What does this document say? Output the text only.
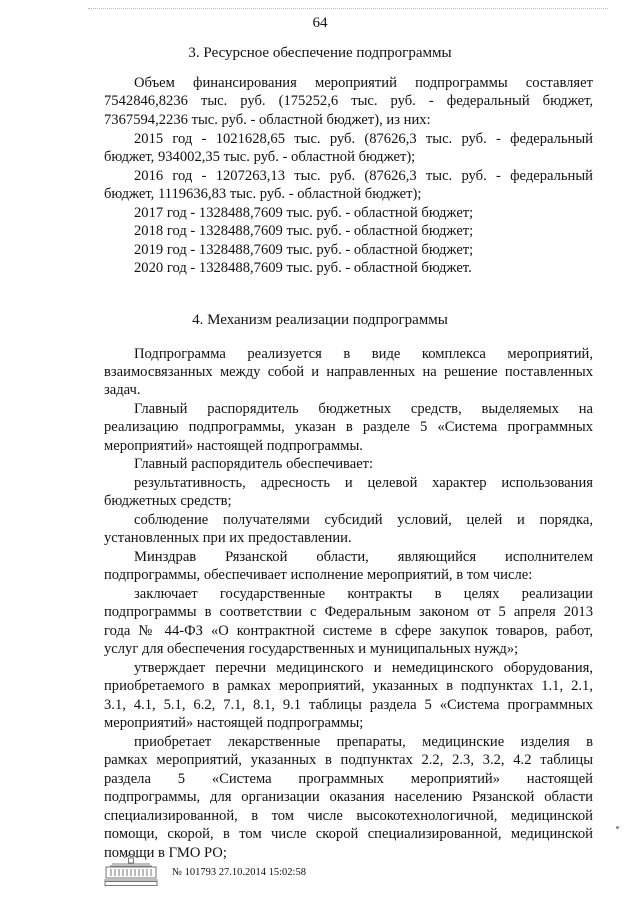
64
3. Ресурсное обеспечение подпрограммы
Объем финансирования мероприятий подпрограммы составляет
7542846,8236 тыс. руб. (175252,6 тыс. руб. - федеральный бюджет,
7367594,2236 тыс. руб. - областной бюджет), из них:
2015 год - 1021628,65 тыс. руб. (87626,3 тыс. руб. - федеральный
бюджет, 934002,35 тыс. руб. - областной бюджет);
2016 год - 1207263,13 тыс. руб. (87626,3 тыс. руб. - федеральный
бюджет, 1119636,83 тыс. руб. - областной бюджет);
2017 год - 1328488,7609 тыс. руб. - областной бюджет;
2018 год - 1328488,7609 тыс. руб. - областной бюджет;
2019 год - 1328488,7609 тыс. руб. - областной бюджет;
2020 год - 1328488,7609 тыс. руб. - областной бюджет.
4. Механизм реализации подпрограммы
Подпрограмма реализуется в виде комплекса мероприятий,
взаимосвязанных между собой и направленных на решение поставленных
задач.
Главный распорядитель бюджетных средств, выделяемых на
реализацию подпрограммы, указан в разделе 5 «Система программных
мероприятий» настоящей подпрограммы.
Главный распорядитель обеспечивает:
результативность, адресность и целевой характер использования
бюджетных средств;
соблюдение получателями субсидий условий, целей и порядка,
установленных при их предоставлении.
Минздрав Рязанской области, являющийся исполнителем
подпрограммы, обеспечивает исполнение мероприятий, в том числе:
заключает государственные контракты в целях реализации
подпрограммы в соответствии с Федеральным законом от 5 апреля 2013
года № 44-ФЗ «О контрактной системе в сфере закупок товаров, работ,
услуг для обеспечения государственных и муниципальных нужд»;
утверждает перечни медицинского и немедицинского оборудования,
приобретаемого в рамках мероприятий, указанных в подпунктах 1.1, 2.1,
3.1, 4.1, 5.1, 6.2, 7.1, 8.1, 9.1 таблицы раздела 5 «Система программных
мероприятий» настоящей подпрограммы;
приобретает лекарственные препараты, медицинские изделия в
рамках мероприятий, указанных в подпунктах 2.2, 2.3, 3.2, 4.2 таблицы
раздела 5 «Система программных мероприятий» настоящей
подпрограммы, для организации оказания населению Рязанской области
специализированной, в том числе высокотехнологичной, медицинской
помощи, скорой, в том числе скорой специализированной, медицинской
помощи в ГМО РО;
№ 101793 27.10.2014 15:02:58
